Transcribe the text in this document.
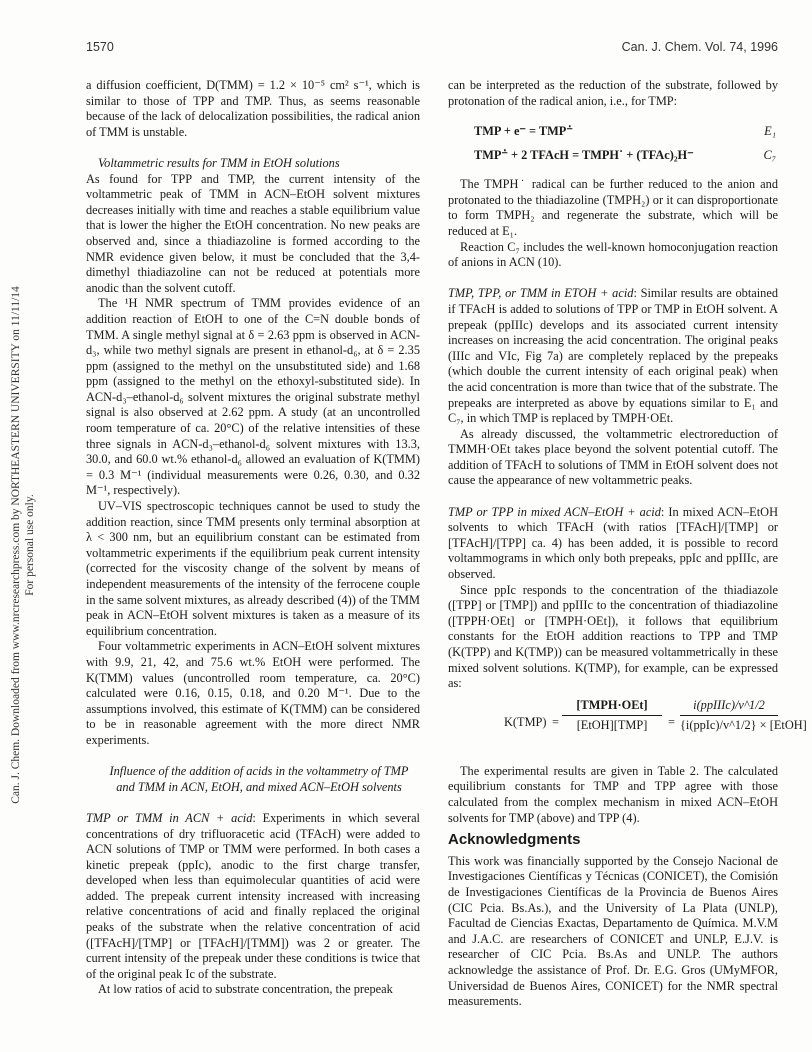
1570	Can. J. Chem. Vol. 74, 1996
Can. J. Chem. Downloaded from www.nrcresearchpress.com by NORTHEASTERN UNIVERSITY on 11/11/14 For personal use only.

a diffusion coefficient, D(TMM) = 1.2 × 10⁻⁵ cm² s⁻¹, which is similar to those of TPP and TMP. Thus, as seems reasonable because of the lack of delocalization possibilities, the radical anion of TMM is unstable.

Voltammetric results for TMM in EtOH solutions

As found for TPP and TMP, the current intensity of the voltammetric peak of TMM in ACN–EtOH solvent mixtures decreases initially with time and reaches a stable equilibrium value that is lower the higher the EtOH concentration. No new peaks are observed and, since a thiadiazoline is formed according to the NMR evidence given below, it must be concluded that the 3,4-dimethyl thiadiazoline can not be reduced at potentials more anodic than the solvent cutoff.

The ¹H NMR spectrum of TMM provides evidence of an addition reaction of EtOH to one of the C=N double bonds of TMM. A single methyl signal at δ = 2.63 ppm is observed in ACN-d₃, while two methyl signals are present in ethanol-d₆, at δ = 2.35 ppm (assigned to the methyl on the unsubstituted side) and 1.68 ppm (assigned to the methyl on the ethoxyl-substituted side). In ACN-d₃–ethanol-d₆ solvent mixtures the original substrate methyl signal is also observed at 2.62 ppm. A study (at an uncontrolled room temperature of ca. 20°C) of the relative intensities of these three signals in ACN-d₃–ethanol-d₆ solvent mixtures with 13.3, 30.0, and 60.0 wt.% ethanol-d₆ allowed an evaluation of K(TMM) = 0.3 M⁻¹ (individual measurements were 0.26, 0.30, and 0.32 M⁻¹, respectively).

UV–VIS spectroscopic techniques cannot be used to study the addition reaction, since TMM presents only terminal absorption at λ < 300 nm, but an equilibrium constant can be estimated from voltammetric experiments if the equilibrium peak current intensity (corrected for the viscosity change of the solvent by means of independent measurements of the intensity of the ferrocene couple in the same solvent mixtures, as already described (4)) of the TMM peak in ACN–EtOH solvent mixtures is taken as a measure of its equilibrium concentration.

Four voltammetric experiments in ACN–EtOH solvent mixtures with 9.9, 21, 42, and 75.6 wt.% EtOH were performed. The K(TMM) values (uncontrolled room temperature, ca. 20°C) calculated were 0.16, 0.15, 0.18, and 0.20 M⁻¹. Due to the assumptions involved, this estimate of K(TMM) can be considered to be in reasonable agreement with the more direct NMR experiments.

Influence of the addition of acids in the voltammetry of TMP

and TMM in ACN, EtOH, and mixed ACN–EtOH solvents

TMP or TMM in ACN + acid: Experiments in which several concentrations of dry trifluoracetic acid (TFAcH) were added to ACN solutions of TMP or TMM were performed. In both cases a kinetic prepeak (ppIc), anodic to the first charge transfer, developed when less than equimolecular quantities of acid were added. The prepeak current intensity increased with increasing relative concentrations of acid and finally replaced the original peaks of the substrate when the relative concentration of acid ([TFAcH]/[TMP] or [TFAcH]/[TMM]) was 2 or greater. The current intensity of the prepeak under these conditions is twice that of the original peak Ic of the substrate.

At low ratios of acid to substrate concentration, the prepeak

can be interpreted as the reduction of the substrate, followed by protonation of the radical anion, i.e., for TMP:

TMP + e⁻ = TMP⁻̇	E₁
TMP⁻̇ + 2 TFAcH = TMPH˙ + (TFAc)₂H⁻	C₇

The TMPH˙ radical can be further reduced to the anion and protonated to the thiadiazoline (TMPH₂) or it can disproportionate to form TMPH₂ and regenerate the substrate, which will be reduced at E₁.

Reaction C₇ includes the well-known homoconjugation reaction of anions in ACN (10).

TMP, TPP, or TMM in ETOH + acid: Similar results are obtained if TFAcH is added to solutions of TPP or TMP in EtOH solvent. A prepeak (ppIIIc) develops and its associated current intensity increases on increasing the acid concentration. The original peaks (IIIc and VIc, Fig 7a) are completely replaced by the prepeaks (which double the current intensity of each original peak) when the acid concentration is more than twice that of the substrate. The prepeaks are interpreted as above by equations similar to E₁ and C₇, in which TMP is replaced by TMPH·OEt.

As already discussed, the voltammetric electroreduction of TMMH·OEt takes place beyond the solvent potential cutoff. The addition of TFAcH to solutions of TMM in EtOH solvent does not cause the appearance of new voltammetric peaks.

TMP or TPP in mixed ACN–EtOH + acid: In mixed ACN–EtOH solvents to which TFAcH (with ratios [TFAcH]/[TMP] or [TFAcH]/[TPP] ca. 4) has been added, it is possible to record voltammograms in which only both prepeaks, ppIc and ppIIIc, are observed.

Since ppIc responds to the concentration of the thiadiazole ([TPP] or [TMP]) and ppIIIc to the concentration of thiadiazoline ([TPPH·OEt] or [TMPH·OEt]), it follows that equilibrium constants for the EtOH addition reactions to TPP and TMP (K(TPP) and K(TMP)) can be measured voltammetrically in these mixed solvent solutions. K(TMP), for example, can be expressed as:

K(TMP) =
[TMPH·OEt]
[EtOH][TMP]	=
i(ppIIIc)/v^1/2
{i(ppIc)/v^1/2} × [EtOH]

The experimental results are given in Table 2. The calculated equilibrium constants for TMP and TPP agree with those calculated from the complex mechanism in mixed ACN–EtOH solvents for TMP (above) and TPP (4).

Acknowledgments

This work was financially supported by the Consejo Nacional de Investigaciones Científicas y Técnicas (CONICET), the Comisión de Investigaciones Científicas de la Provincia de Buenos Aires (CIC Pcia. Bs.As.), and the University of La Plata (UNLP), Facultad de Ciencias Exactas, Departamento de Química. M.V.M and J.A.C. are researchers of CONICET and UNLP, E.J.V. is researcher of CIC Pcia. Bs.As and UNLP. The authors acknowledge the assistance of Prof. Dr. E.G. Gros (UMyMFOR, Universidad de Buenos Aires, CONICET) for the NMR spectral measurements.
